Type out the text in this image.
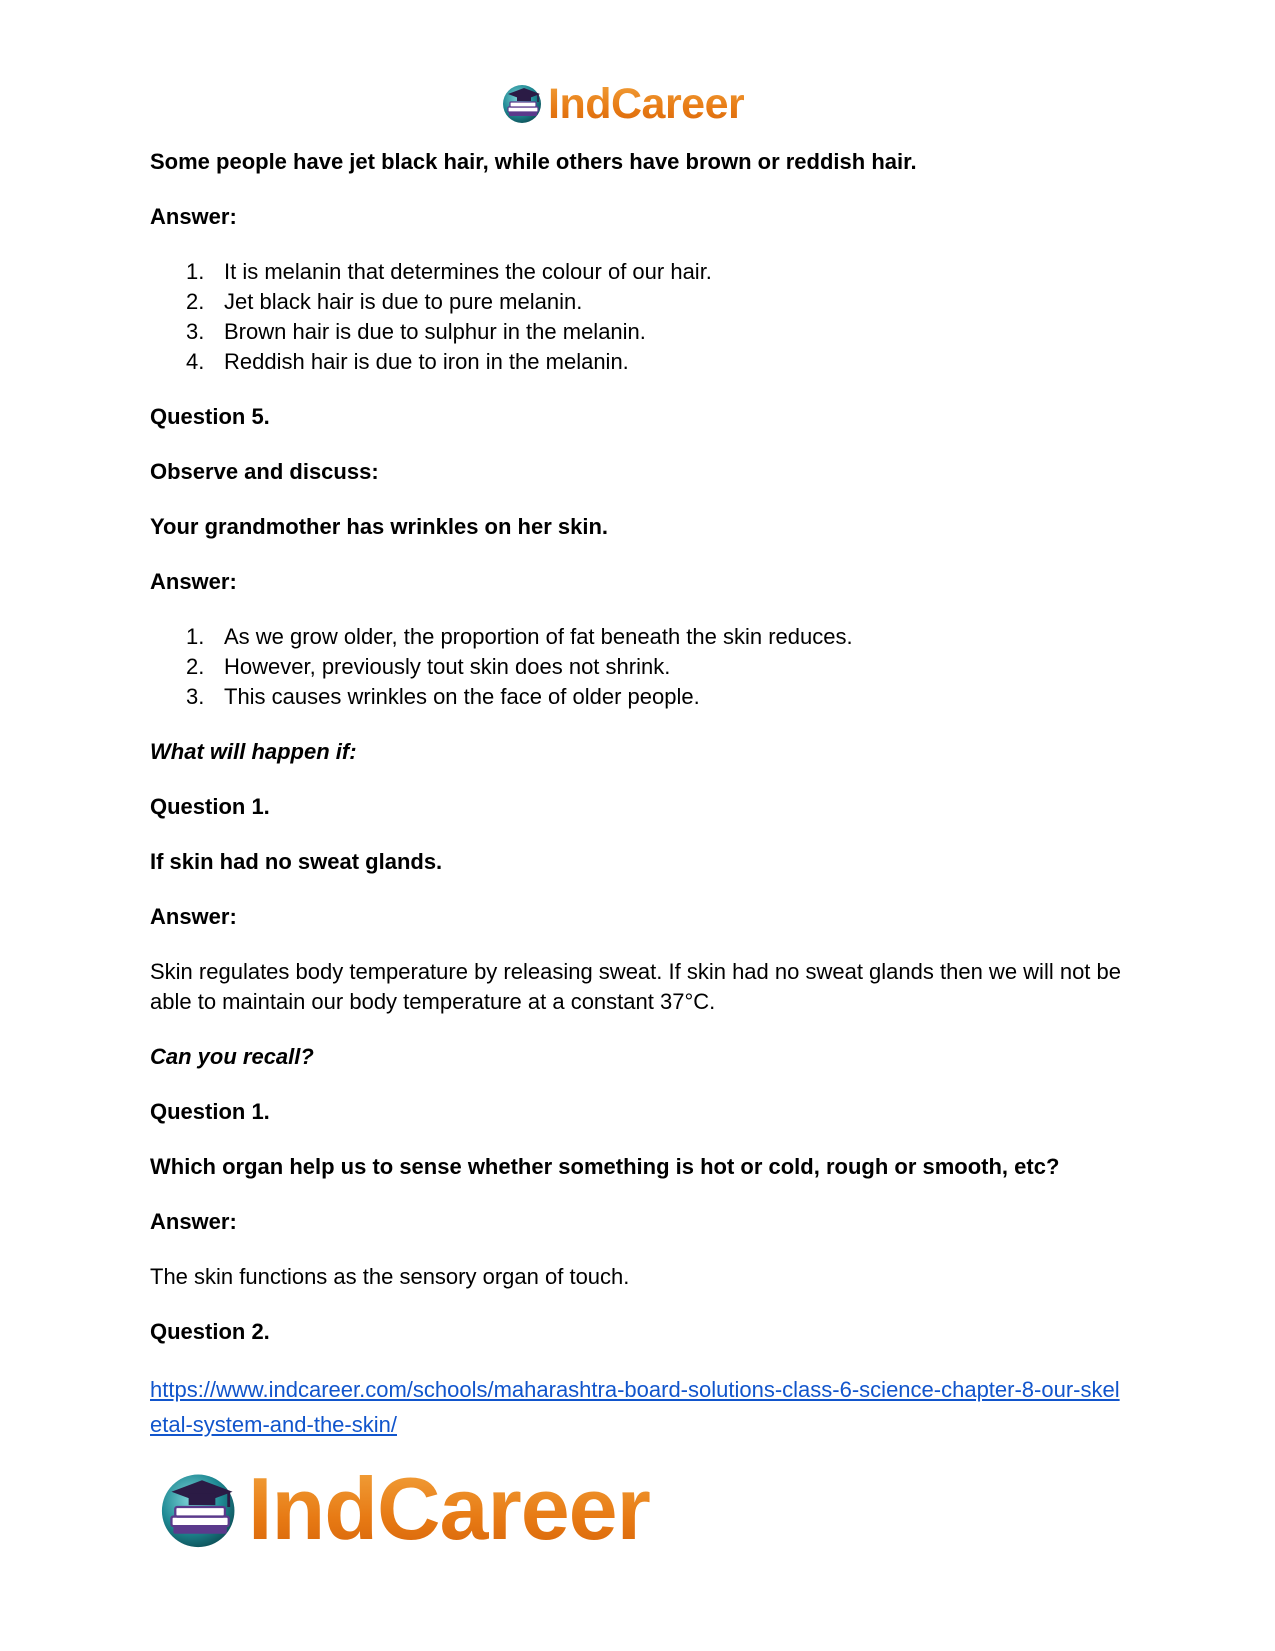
IndCareer

Some people have jet black hair, while others have brown or reddish hair.

Answer:

1. It is melanin that determines the colour of our hair.
2. Jet black hair is due to pure melanin.
3. Brown hair is due to sulphur in the melanin.
4. Reddish hair is due to iron in the melanin.

Question 5.

Observe and discuss:

Your grandmother has wrinkles on her skin.

Answer:

1. As we grow older, the proportion of fat beneath the skin reduces.
2. However, previously tout skin does not shrink.
3. This causes wrinkles on the face of older people.

What will happen if:

Question 1.

If skin had no sweat glands.

Answer:

Skin regulates body temperature by releasing sweat. If skin had no sweat glands then we will not be able to maintain our body temperature at a constant 37°C.

Can you recall?

Question 1.

Which organ help us to sense whether something is hot or cold, rough or smooth, etc?

Answer:

The skin functions as the sensory organ of touch.

Question 2.

https://www.indcareer.com/schools/maharashtra-board-solutions-class-6-science-chapter-8-our-skeletal-system-and-the-skin/

IndCareer
